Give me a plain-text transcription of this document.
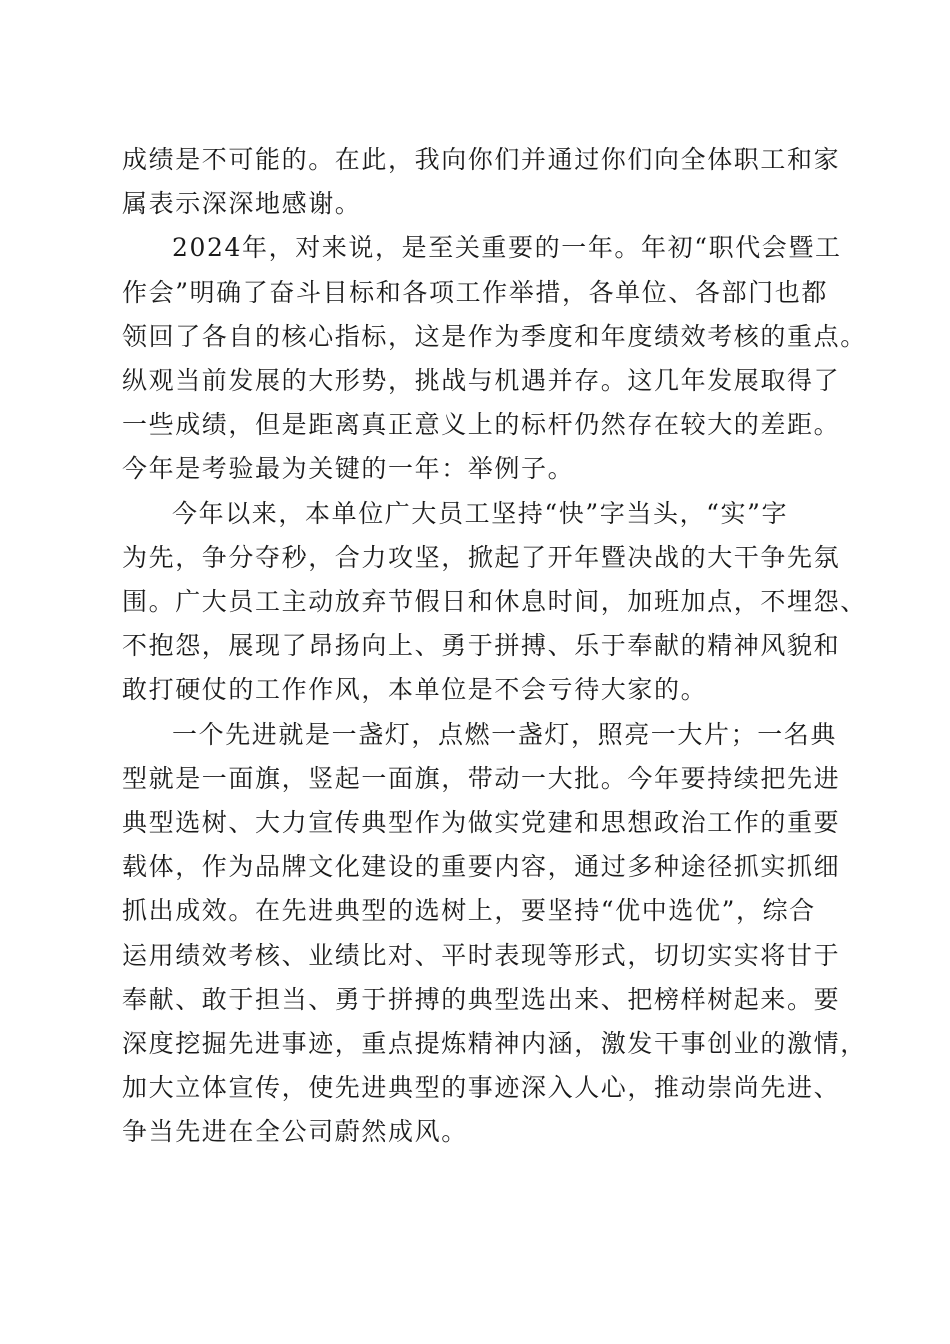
成绩是不可能的。在此，我向你们并通过你们向全体职工和家
属表示深深地感谢。
2024年，对来说，是至关重要的一年。年初“职代会暨工
作会”明确了奋斗目标和各项工作举措，各单位、各部门也都
领回了各自的核心指标，这是作为季度和年度绩效考核的重点。
纵观当前发展的大形势，挑战与机遇并存。这几年发展取得了
一些成绩，但是距离真正意义上的标杆仍然存在较大的差距。
今年是考验最为关键的一年：举例子。
今年以来，本单位广大员工坚持“快”字当头，“实”字
为先，争分夺秒，合力攻坚，掀起了开年暨决战的大干争先氛
围。广大员工主动放弃节假日和休息时间，加班加点，不埋怨、
不抱怨，展现了昂扬向上、勇于拼搏、乐于奉献的精神风貌和
敢打硬仗的工作作风，本单位是不会亏待大家的。
一个先进就是一盏灯，点燃一盏灯，照亮一大片；一名典
型就是一面旗，竖起一面旗，带动一大批。今年要持续把先进
典型选树、大力宣传典型作为做实党建和思想政治工作的重要
载体，作为品牌文化建设的重要内容，通过多种途径抓实抓细
抓出成效。在先进典型的选树上，要坚持“优中选优”，综合
运用绩效考核、业绩比对、平时表现等形式，切切实实将甘于
奉献、敢于担当、勇于拼搏的典型选出来、把榜样树起来。要
深度挖掘先进事迹，重点提炼精神内涵，激发干事创业的激情，
加大立体宣传，使先进典型的事迹深入人心，推动崇尚先进、
争当先进在全公司蔚然成风。
